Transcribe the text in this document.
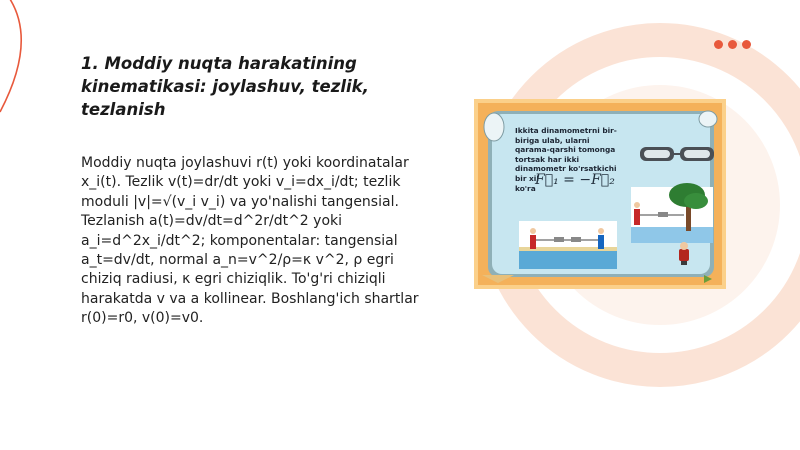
1. Moddiy nuqta harakatining kinematikasi: joylashuv, tezlik, tezlanish

Moddiy nuqta joylashuvi r(t) yoki koordinatalar x_i(t). Tezlik v(t)=dr/dt yoki v_i=dx_i/dt; tezlik moduli |v|=√(v_i v_i) va yo'nalishi tangensial. Tezlanish a(t)=dv/dt=d^2r/dt^2 yoki a_i=d^2x_i/dt^2; komponentalar: tangensial a_t=dv/dt, normal a_n=v^2/ρ=κ v^2, ρ egri chiziq radiusi, κ egri chiziqlik. To'g'ri chiziqli harakatda v va a kollinear. Boshlang'ich shartlar r(0)=r0, v(0)=v0.

Ikkita dinamometrni bir-
biriga ulab, ularni
qarama-qarshi tomonga
tortsak har ikki
dinamometr ko'rsatkichi
bir xil
ko'ra
F⃗₁ = −F⃗₂
